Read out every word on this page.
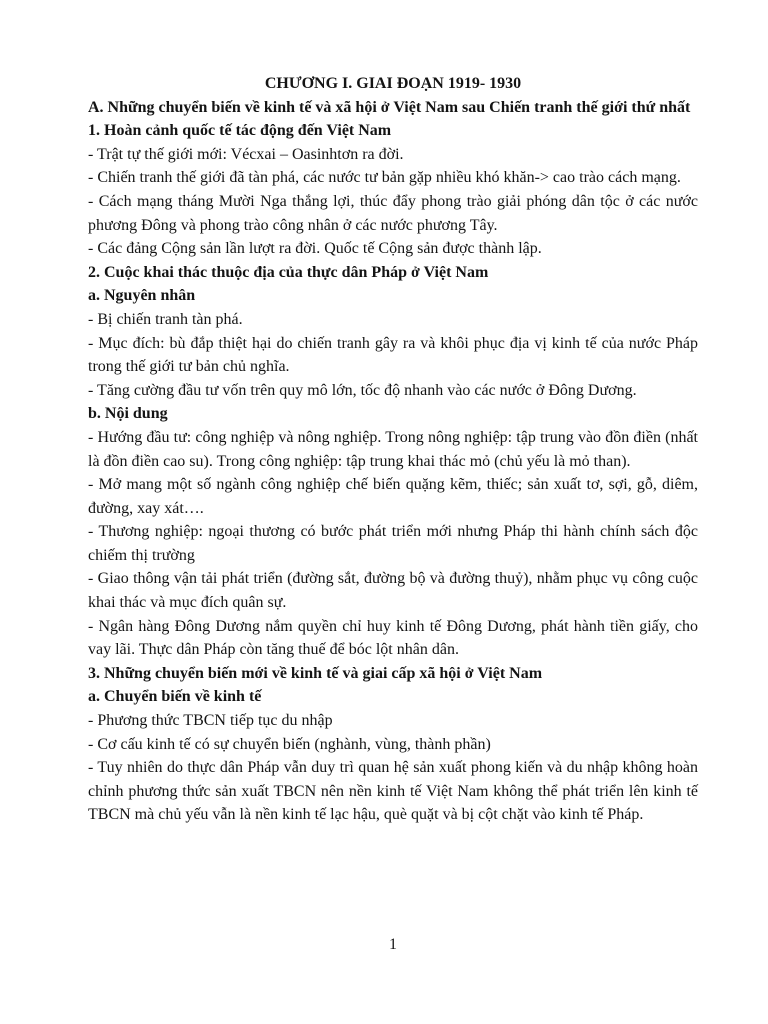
CHƯƠNG I. GIAI ĐOẠN 1919- 1930

A. Những chuyển biến về kinh tế và xã hội ở Việt Nam sau Chiến tranh thế giới thứ nhất

1. Hoàn cảnh quốc tế tác động đến Việt Nam

- Trật tự thế giới mới: Vécxai – Oasinhtơn ra đời.

- Chiến tranh thế giới đã tàn phá, các nước tư bản gặp nhiều khó khăn-> cao trào cách mạng.

- Cách mạng tháng Mười Nga thắng lợi, thúc đẩy phong trào giải phóng dân tộc ở các nước phương Đông và phong trào công nhân ở các nước phương Tây.

- Các đảng Cộng sản lần lượt ra đời. Quốc tế Cộng sản được thành lập.

2. Cuộc khai thác thuộc địa của thực dân Pháp ở Việt Nam

a. Nguyên nhân

- Bị chiến tranh tàn phá.

- Mục đích: bù đắp thiệt hại do chiến tranh gây ra và khôi phục địa vị kinh tế của nước Pháp trong thế giới tư bản chủ nghĩa.

- Tăng cường đầu tư vốn trên quy mô lớn, tốc độ nhanh vào các nước ở Đông Dương.

b. Nội dung

- Hướng đầu tư: công nghiệp và nông nghiệp. Trong nông nghiệp: tập trung vào đồn điền (nhất là đồn điền cao su). Trong công nghiệp: tập trung khai thác mỏ (chủ yếu là mỏ than).

- Mở mang một số ngành công nghiệp chế biến quặng kẽm, thiếc; sản xuất tơ, sợi, gỗ, diêm, đường, xay xát….

- Thương nghiệp: ngoại thương có bước phát triển mới nhưng Pháp thi hành chính sách độc chiếm thị trường

- Giao thông vận tải phát triển (đường sắt, đường bộ và đường thuỷ), nhằm phục vụ công cuộc khai thác và mục đích quân sự.

- Ngân hàng Đông Dương nắm quyền chỉ huy kinh tế Đông Dương, phát hành tiền giấy, cho vay lãi. Thực dân Pháp còn tăng thuế để bóc lột nhân dân.

3. Những chuyển biến mới về kinh tế và giai cấp xã hội ở Việt Nam

a. Chuyển biến về kinh tế

- Phương thức TBCN tiếp tục du nhập

- Cơ cấu kinh tế có sự chuyển biến (nghành, vùng, thành phần)

- Tuy nhiên do thực dân Pháp vẫn duy trì quan hệ sản xuất phong kiến và du nhập không hoàn chỉnh phương thức sản xuất TBCN nên nền kinh tế Việt Nam không thể phát triển lên kinh tế TBCN mà chủ yếu vẫn là nền kinh tế lạc hậu, què quặt và bị cột chặt vào kinh tế Pháp.

1
